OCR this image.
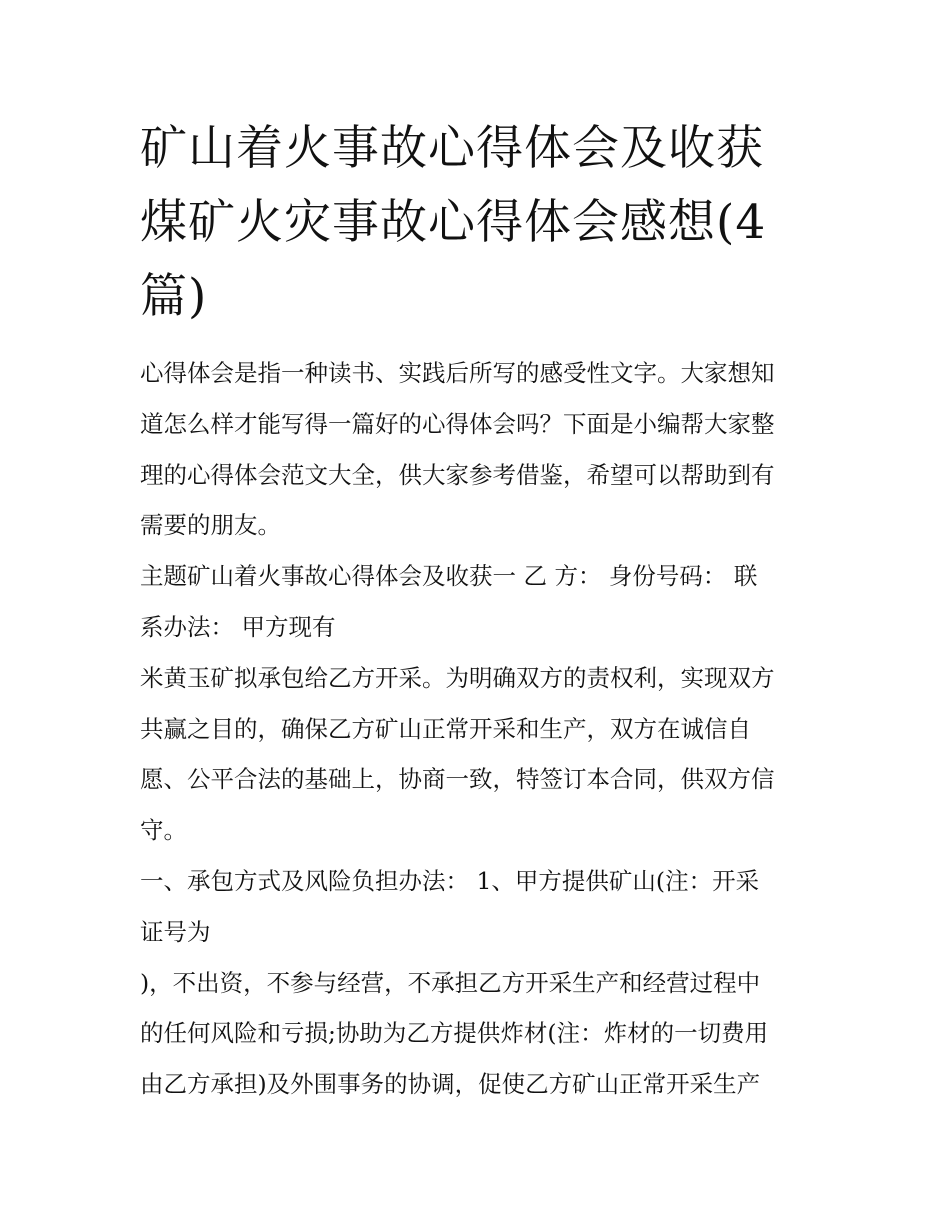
矿山着火事故心得体会及收获
煤矿火灾事故心得体会感想(4
篇)

心得体会是指一种读书、实践后所写的感受性文字。大家想知
道怎么样才能写得一篇好的心得体会吗？下面是小编帮大家整
理的心得体会范文大全，供大家参考借鉴，希望可以帮助到有
需要的朋友。

主题矿山着火事故心得体会及收获一 乙 方： 身份号码： 联
系办法： 甲方现有

米黄玉矿拟承包给乙方开采。为明确双方的责权利，实现双方
共赢之目的，确保乙方矿山正常开采和生产，双方在诚信自
愿、公平合法的基础上，协商一致，特签订本合同，供双方信
守。

一、承包方式及风险负担办法： 1、甲方提供矿山(注：开采
证号为

)，不出资，不参与经营，不承担乙方开采生产和经营过程中
的任何风险和亏损;协助为乙方提供炸材(注：炸材的一切费用
由乙方承担)及外围事务的协调，促使乙方矿山正常开采生产
